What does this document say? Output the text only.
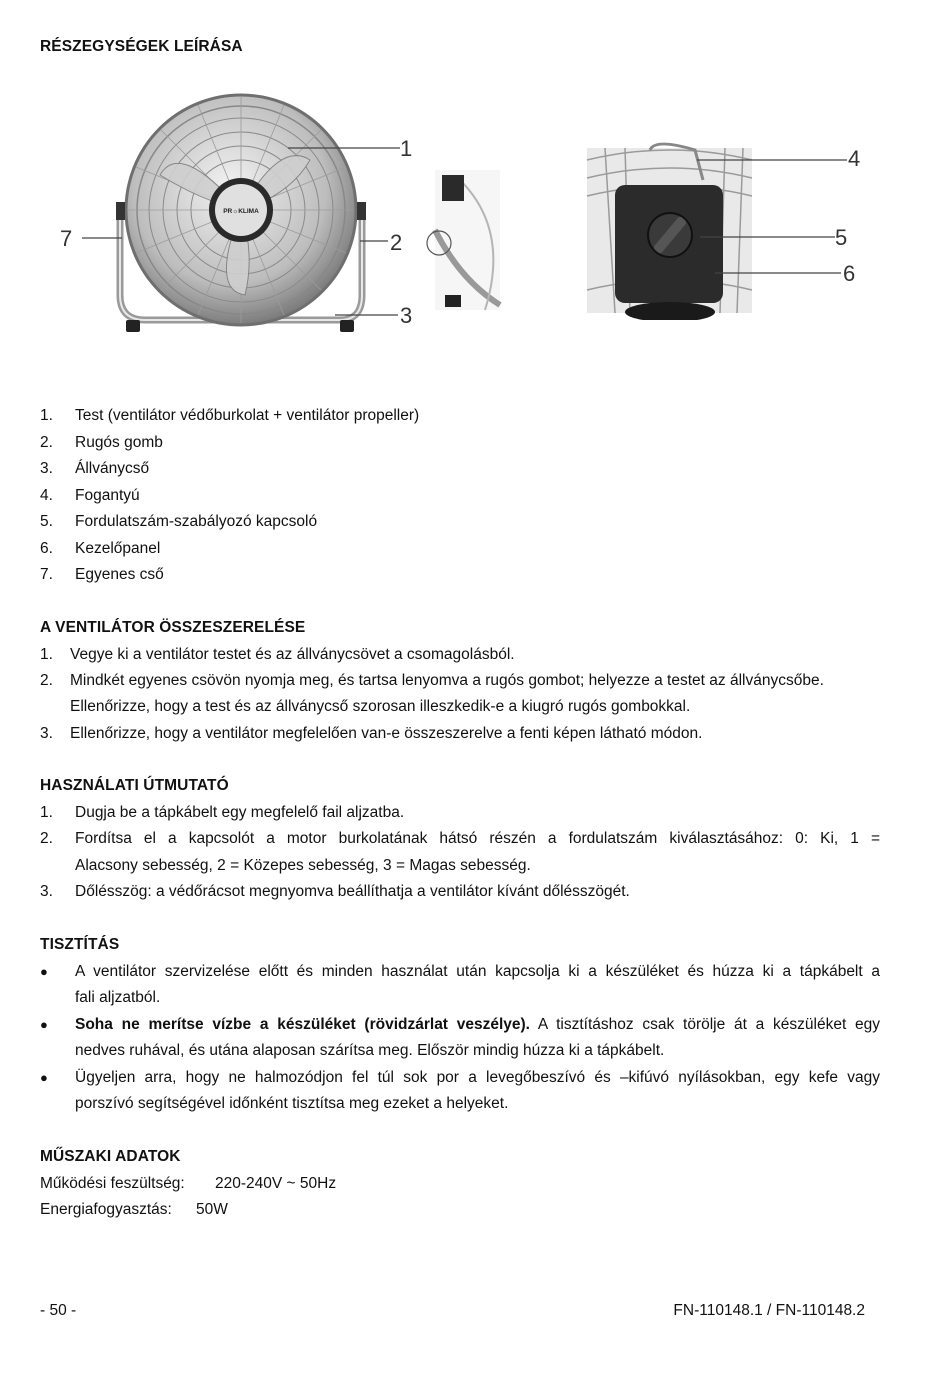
RÉSZEGYSÉGEK LEÍRÁSA
PR☼KLIMA
1
2
3
7
4
5
6
1.	Test (ventilátor védőburkolat + ventilátor propeller)
2.	Rugós gomb
3.	Állványcső
4.	Fogantyú
5.	Fordulatszám-szabályozó kapcsoló
6.	Kezelőpanel
7.	Egyenes cső
A VENTILÁTOR ÖSSZESZERELÉSE
1.	Vegye ki a ventilátor testet és az állványcsövet a csomagolásból.
2.	Mindkét egyenes csövön nyomja meg, és tartsa lenyomva a rugós gombot; helyezze a testet az állványcsőbe.
Ellenőrizze, hogy a test és az állványcső szorosan illeszkedik-e a kiugró rugós gombokkal.
3.	Ellenőrizze, hogy a ventilátor megfelelően van-e összeszerelve a fenti képen látható módon.
HASZNÁLATI ÚTMUTATÓ
1.	Dugja be a tápkábelt egy megfelelő fail aljzatba.
2.	Fordítsa el a kapcsolót a motor burkolatának hátsó részén a fordulatszám kiválasztásához: 0: Ki, 1 =
Alacsony sebesség, 2 = Közepes sebesség, 3 = Magas sebesség.
3.	Dőlésszög: a védőrácsot megnyomva beállíthatja a ventilátor kívánt dőlésszögét.
TISZTÍTÁS
●	A ventilátor szervizelése előtt és minden használat után kapcsolja ki a készüléket és húzza ki a tápkábelt a
fali aljzatból.
●	Soha ne merítse vízbe a készüléket (rövidzárlat veszélye). A tisztításhoz csak törölje át a készüléket egy
nedves ruhával, és utána alaposan szárítsa meg. Először mindig húzza ki a tápkábelt.
●	Ügyeljen arra, hogy ne halmozódjon fel túl sok por a levegőbeszívó és –kifúvó nyílásokban, egy kefe vagy
porszívó segítségével időnként tisztítsa meg ezeket a helyeket.
MŰSZAKI ADATOK
Működési feszültség: 220-240V ~ 50Hz
Energiafogyasztás: 50W
- 50 -	FN-110148.1 / FN-110148.2
